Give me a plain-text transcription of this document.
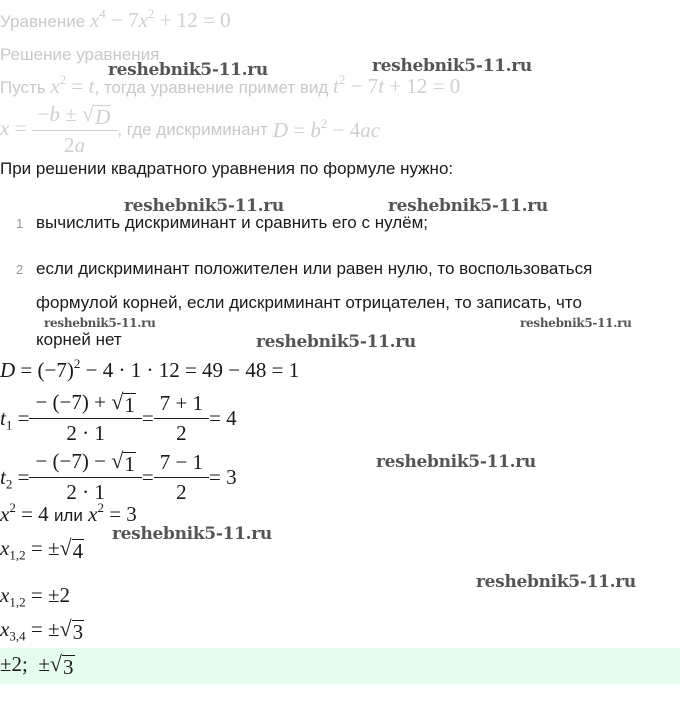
Уравнение $x^4 - 7x^2 + 12 = 0$
Решение уравнения
Пусть $x^2 = t$, тогда уравнение примет вид $t^2 - 7t + 12 = 0$
$x = \frac{-b \pm √ D}{2a}$ , где дискриминант $D = b^2 - 4ac$
При решении квадратного уравнения по формуле нужно:
1 вычислить дискриминант и сравнить его с нулём;
2 если дискриминант положителен или равен нулю, то воспользоваться
формулой корней, если дискриминант отрицателен, то записать, что
корней нет
$D = (-7)^2 - 4 \cdot 1 \cdot 12 = 49 - 48 = 1$
$t_1 = \frac{- (-7) + √ 1}{2 \cdot 1} = \frac{7 + 1}{2} = 4$
$t_2 = \frac{- (-7) - √ 1}{2 \cdot 1} = \frac{7 - 1}{2} = 3$
$x^2 = 4$ или $x^2 = 3$
$x_{1,2}$ = ± √ 4
$x_{1,2} = \pm 2$
$x_{3,4}$ = ± √ 3
±2;  ± √ 3
reshebnik5-11.ru	reshebnik5-11.ru
reshebnik5-11.ru	reshebnik5-11.ru
reshebnik5-11.ru	reshebnik5-11.ru
reshebnik5-11.ru
reshebnik5-11.ru
reshebnik5-11.ru
reshebnik5-11.ru
